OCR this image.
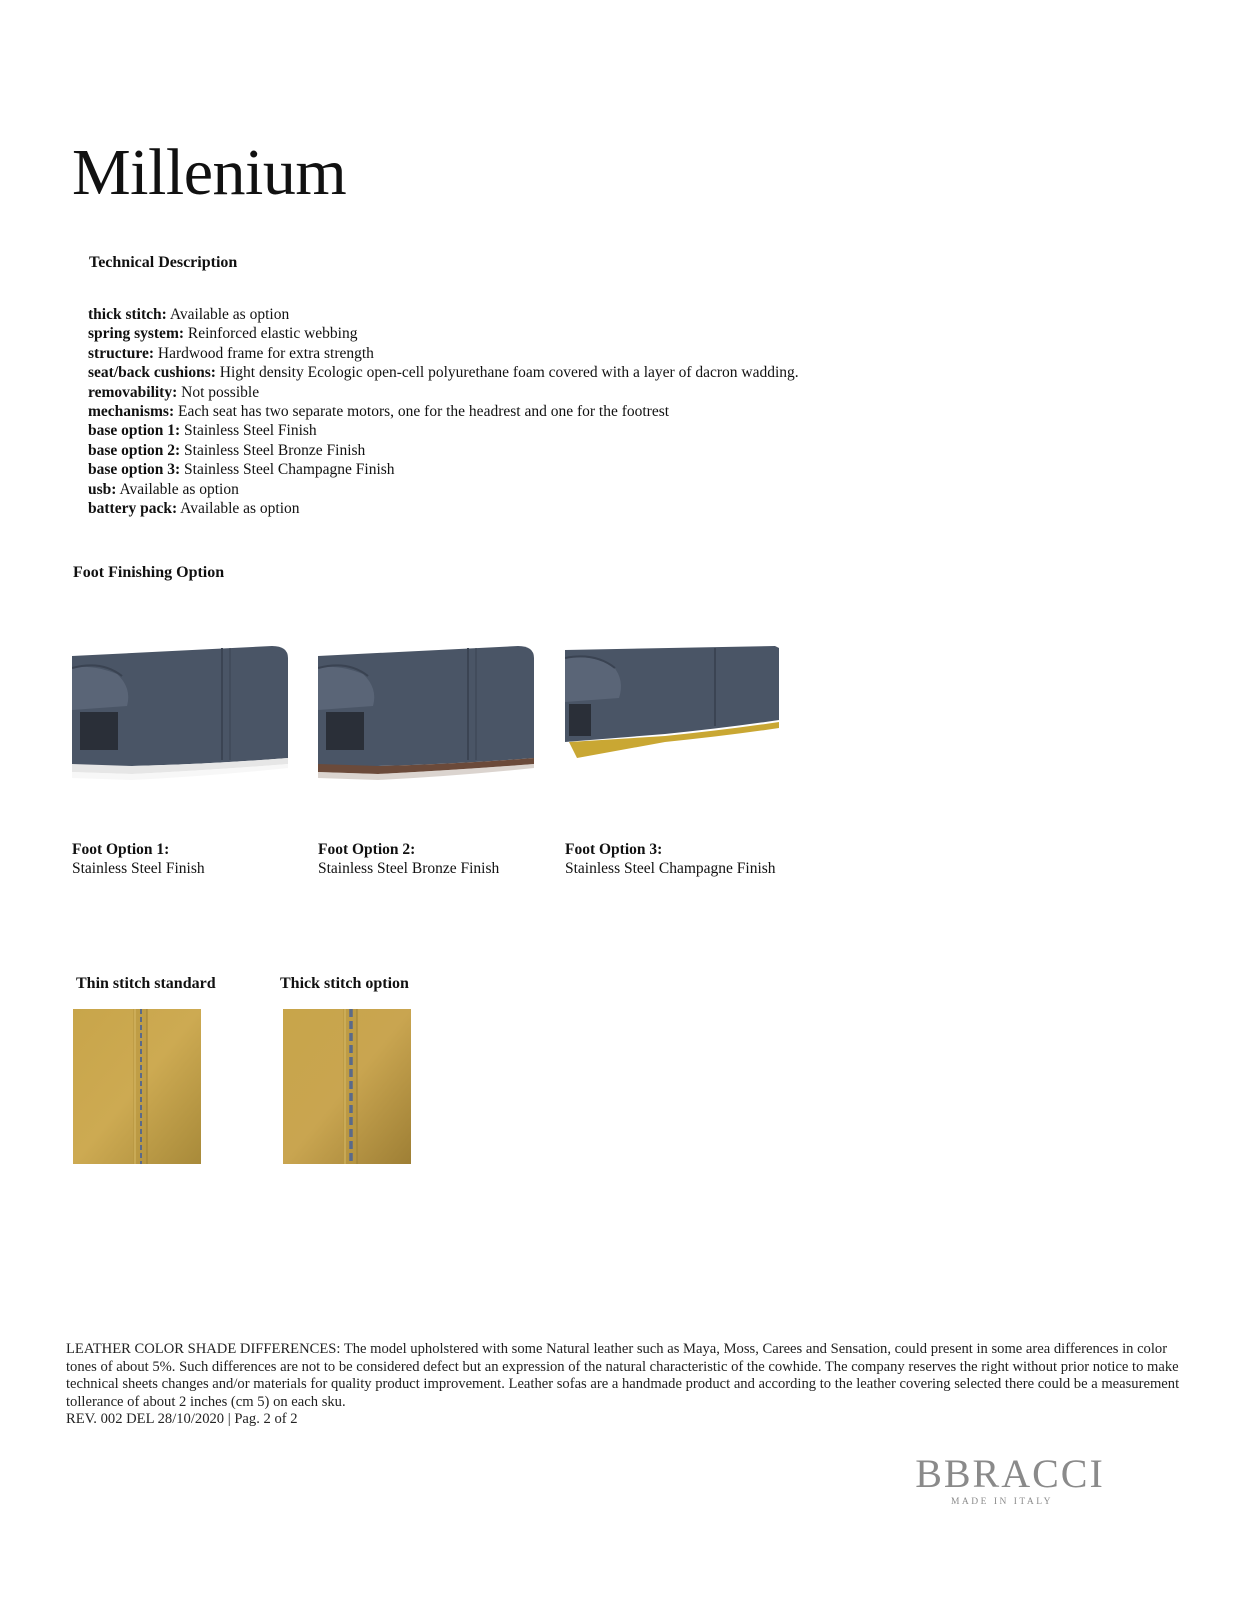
Millenium
Technical Description
thick stitch: Available as option
spring system: Reinforced elastic webbing
structure: Hardwood frame for extra strength
seat/back cushions: Hight density Ecologic open-cell polyurethane foam covered with a layer of dacron wadding.
removability: Not possible
mechanisms: Each seat has two separate motors, one for the headrest and one for the footrest
base option 1: Stainless Steel Finish
base option 2: Stainless Steel Bronze Finish
base option 3: Stainless Steel Champagne Finish
usb: Available as option
battery pack: Available as option
Foot Finishing Option
Foot Option 1:
Stainless Steel Finish
Foot Option 2:
Stainless Steel Bronze Finish
Foot Option 3:
Stainless Steel Champagne Finish
Thin stitch standard	Thick stitch option

LEATHER COLOR SHADE DIFFERENCES: The model upholstered with some Natural leather such as Maya, Moss, Carees and Sensation, could present in some area differences in color tones of about 5%. Such differences are not to be considered defect but an expression of the natural characteristic of the cowhide. The company reserves the right without prior notice to make technical sheets changes and/or materials for quality product improvement. Leather sofas are a handmade product and according to the leather covering selected there could be a measurement tollerance of about 2 inches (cm 5) on each sku.

REV. 002 DEL 28/10/2020 | Pag. 2 of 2

BBRACCI
MADE IN ITALY
